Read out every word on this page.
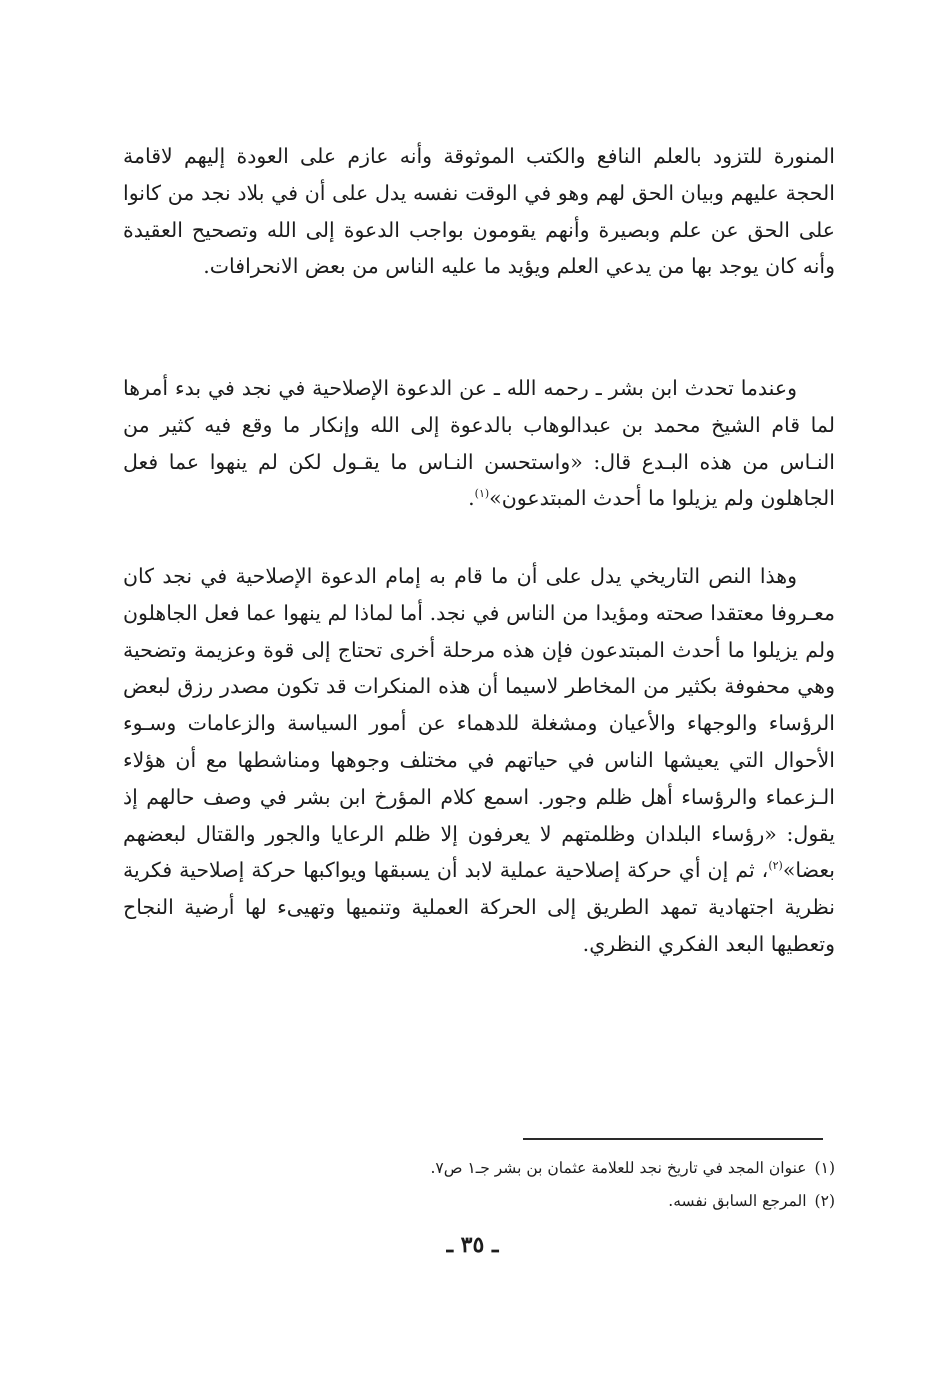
المنورة للتزود بالعلم النافع والكتب الموثوقة وأنه عازم على العودة إليهم لاقامة الحجة عليهم وبيان الحق لهم وهو في الوقت نفسه يدل على أن في بلاد نجد من كانوا على الحق عن علم وبصيرة وأنهم يقومون بواجب الدعوة إلى الله وتصحيح العقيدة وأنه كان يوجد بها من يدعي العلم ويؤيد ما عليه الناس من بعض الانحرافات.

وعندما تحدث ابن بشر ـ رحمه الله ـ عن الدعوة الإصلاحية في نجد في بدء أمرها لما قام الشيخ محمد بن عبدالوهاب بالدعوة إلى الله وإنكار ما وقع فيه كثير من النـاس من هذه البـدع قال: «واستحسن النـاس ما يقـول لكن لم ينهوا عما فعل الجاهلون ولم يزيلوا ما أحدث المبتدعون»$^{(١)}$.

وهذا النص التاريخي يدل على أن ما قام به إمام الدعوة الإصلاحية في نجد كان معـروفا معتقدا صحته ومؤيدا من الناس في نجد. أما لماذا لم ينهوا عما فعل الجاهلون ولم يزيلوا ما أحدث المبتدعون فإن هذه مرحلة أخرى تحتاج إلى قوة وعزيمة وتضحية وهي محفوفة بكثير من المخاطر لاسيما أن هذه المنكرات قد تكون مصدر رزق لبعض الرؤساء والوجهاء والأعيان ومشغلة للدهماء عن أمور السياسة والزعامات وسـوء الأحوال التي يعيشها الناس في حياتهم في مختلف وجوهها ومناشطها مع أن هؤلاء الـزعماء والرؤساء أهل ظلم وجور. اسمع كلام المؤرخ ابن بشر في وصف حالهم إذ يقول: «رؤساء البلدان وظلمتهم لا يعرفون إلا ظلم الرعايا والجور والقتال لبعضهم بعضا»$^{(٢)}$، ثم إن أي حركة إصلاحية عملية لابد أن يسبقها ويواكبها حركة إصلاحية فكرية نظرية اجتهادية تمهد الطريق إلى الحركة العملية وتنميها وتهيىء لها أرضية النجاح وتعطيها البعد الفكري النظري.

(١)عنوان المجد في تاريخ نجد للعلامة عثمان بن بشر جـ١ ص٧.
(٢)المرجع السابق نفسه.
ـ ٣٥ ـ
